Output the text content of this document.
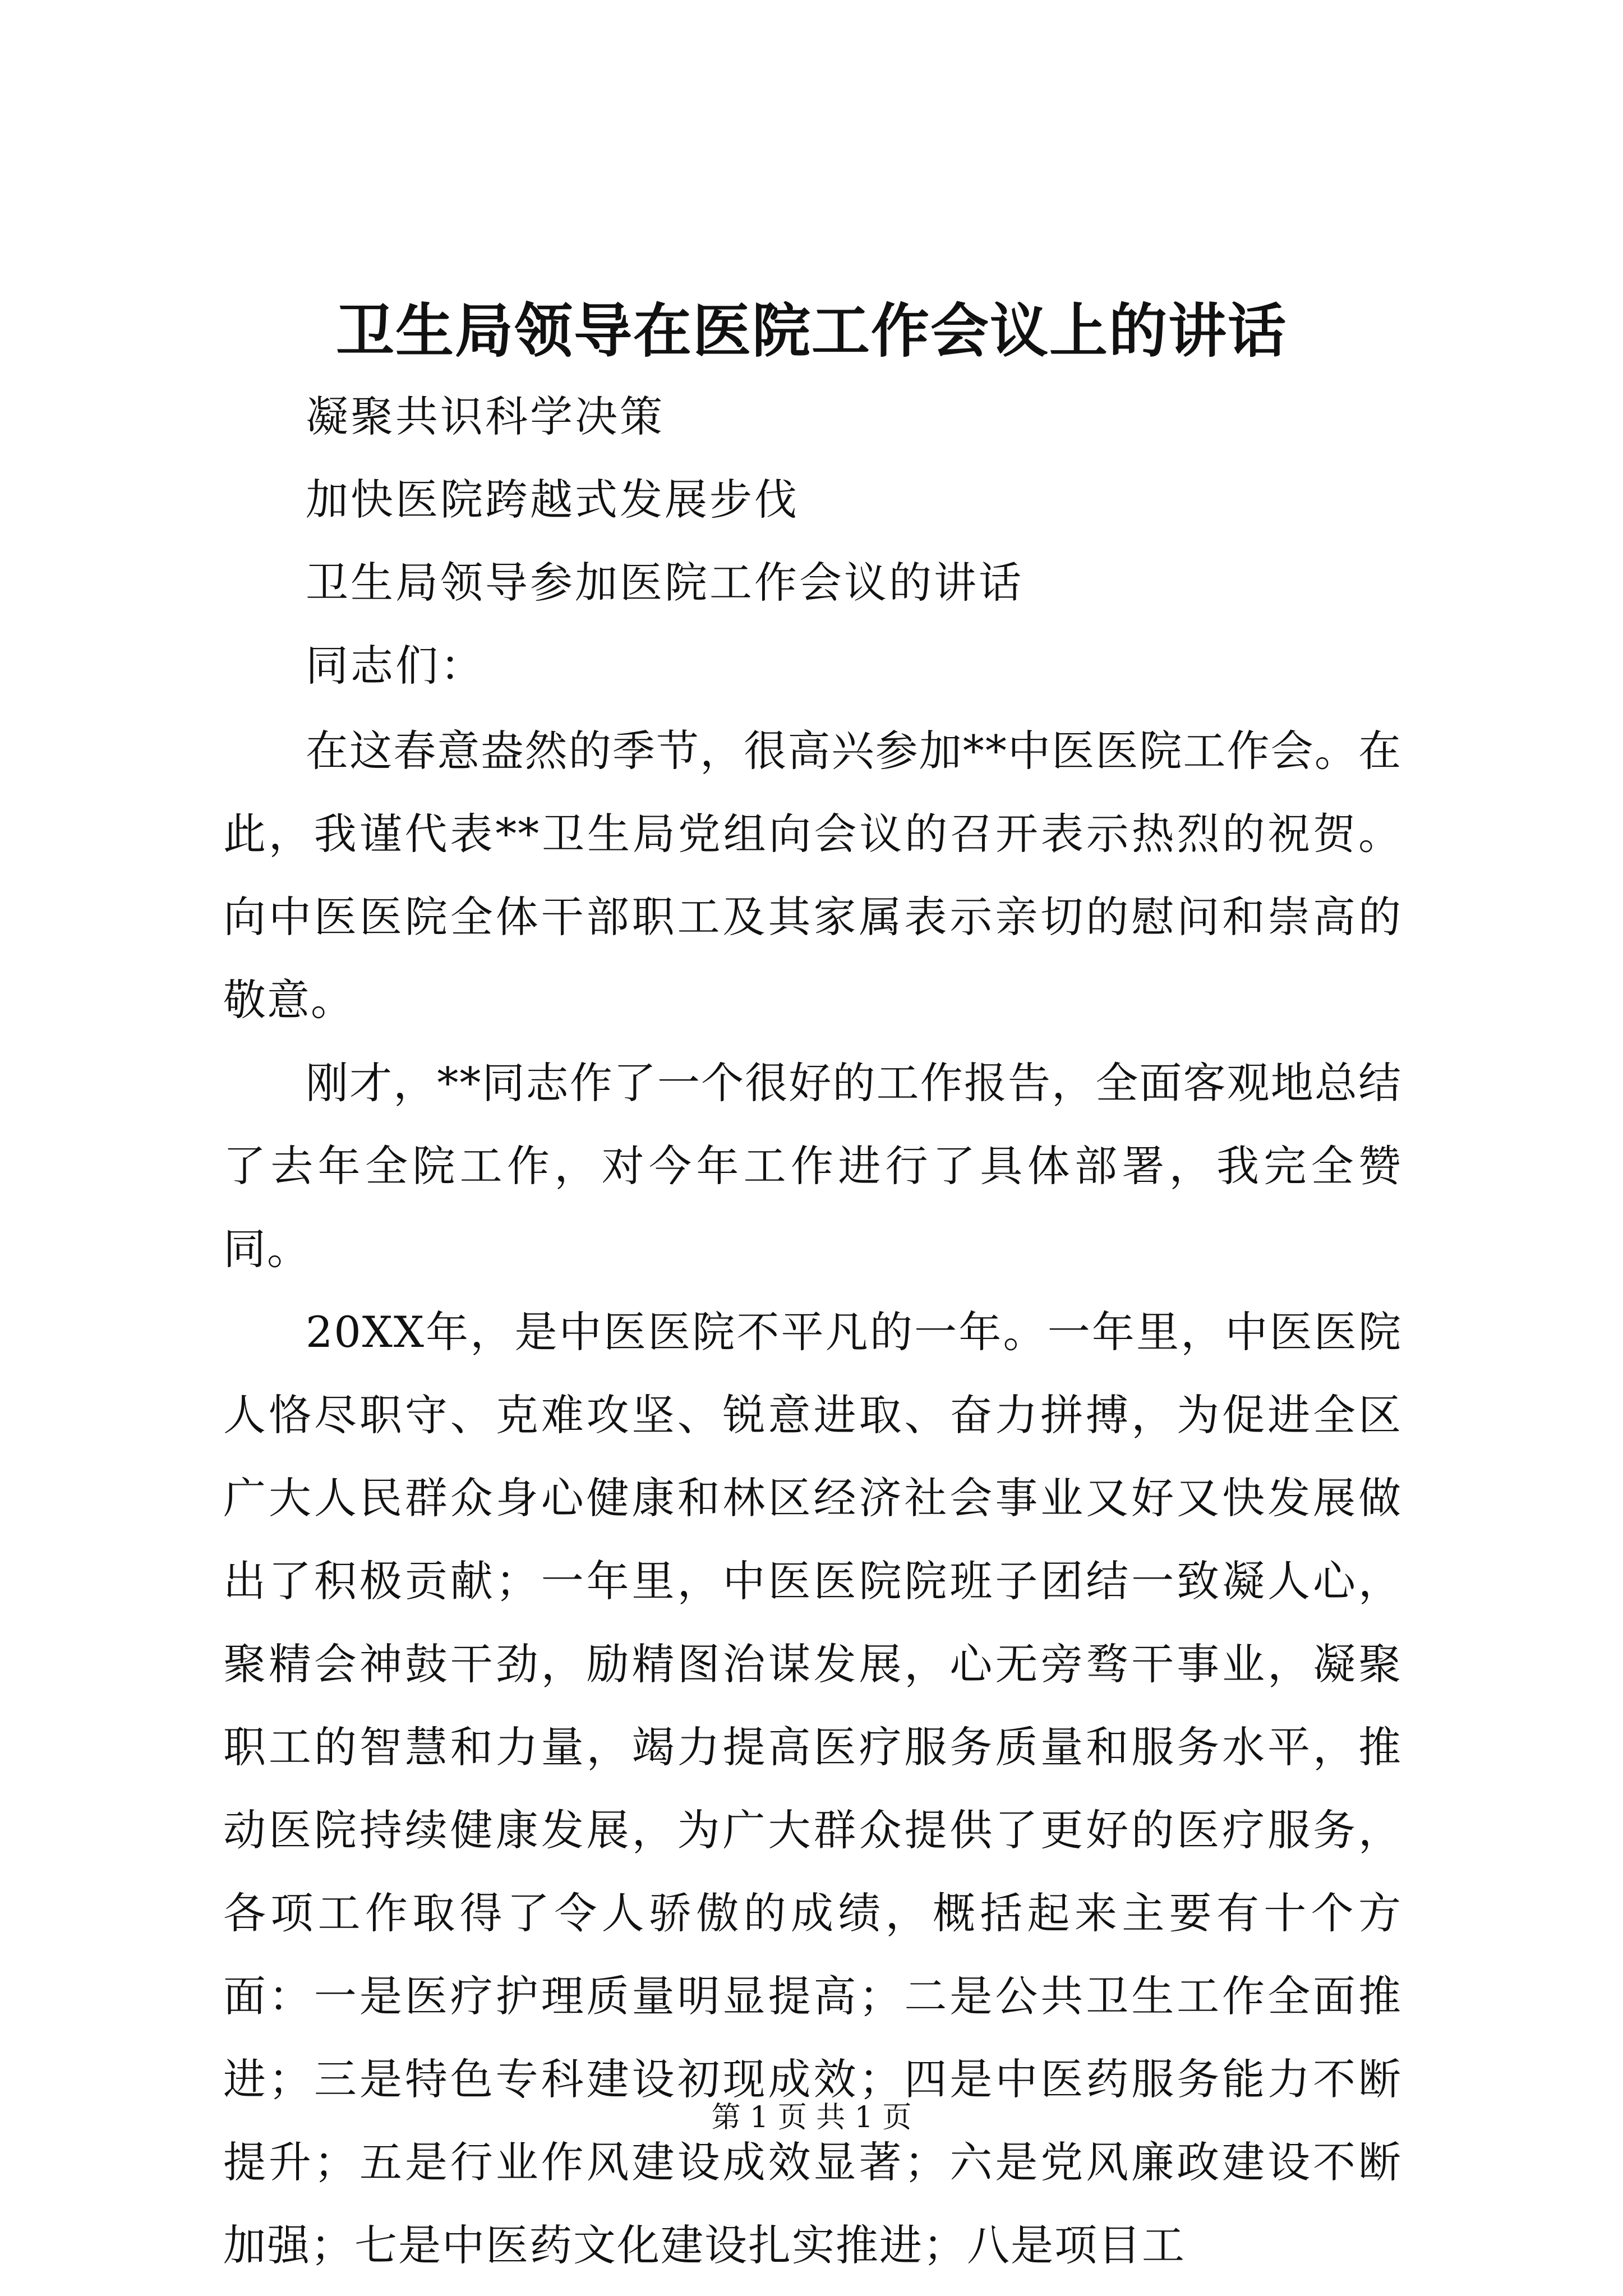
卫生局领导在医院工作会议上的讲话
凝聚共识科学决策
加快医院跨越式发展步伐
卫生局领导参加医院工作会议的讲话
同志们：

在这春意盎然的季节，很高兴参加**中医医院工作会。在此，我谨代表**卫生局党组向会议的召开表示热烈的祝贺。向中医医院全体干部职工及其家属表示亲切的慰问和崇高的敬意。

刚才，**同志作了一个很好的工作报告，全面客观地总结了去年全院工作，对今年工作进行了具体部署，我完全赞同。

20XX年，是中医医院不平凡的一年。一年里，中医医院人恪尽职守、克难攻坚、锐意进取、奋力拼搏，为促进全区广大人民群众身心健康和林区经济社会事业又好又快发展做出了积极贡献；一年里，中医医院院班子团结一致凝人心，聚精会神鼓干劲，励精图治谋发展，心无旁骛干事业，凝聚职工的智慧和力量，竭力提高医疗服务质量和服务水平，推动医院持续健康发展，为广大群众提供了更好的医疗服务，各项工作取得了令人骄傲的成绩，概括起来主要有十个方面：一是医疗护理质量明显提高；二是公共卫生工作全面推进；三是特色专科建设初现成效；四是中医药服务能力不断提升；五是行业作风建设成效显著；六是党风廉政建设不断加强；七是中医药文化建设扎实推进；八是项目工

第 1 页 共 1 页
